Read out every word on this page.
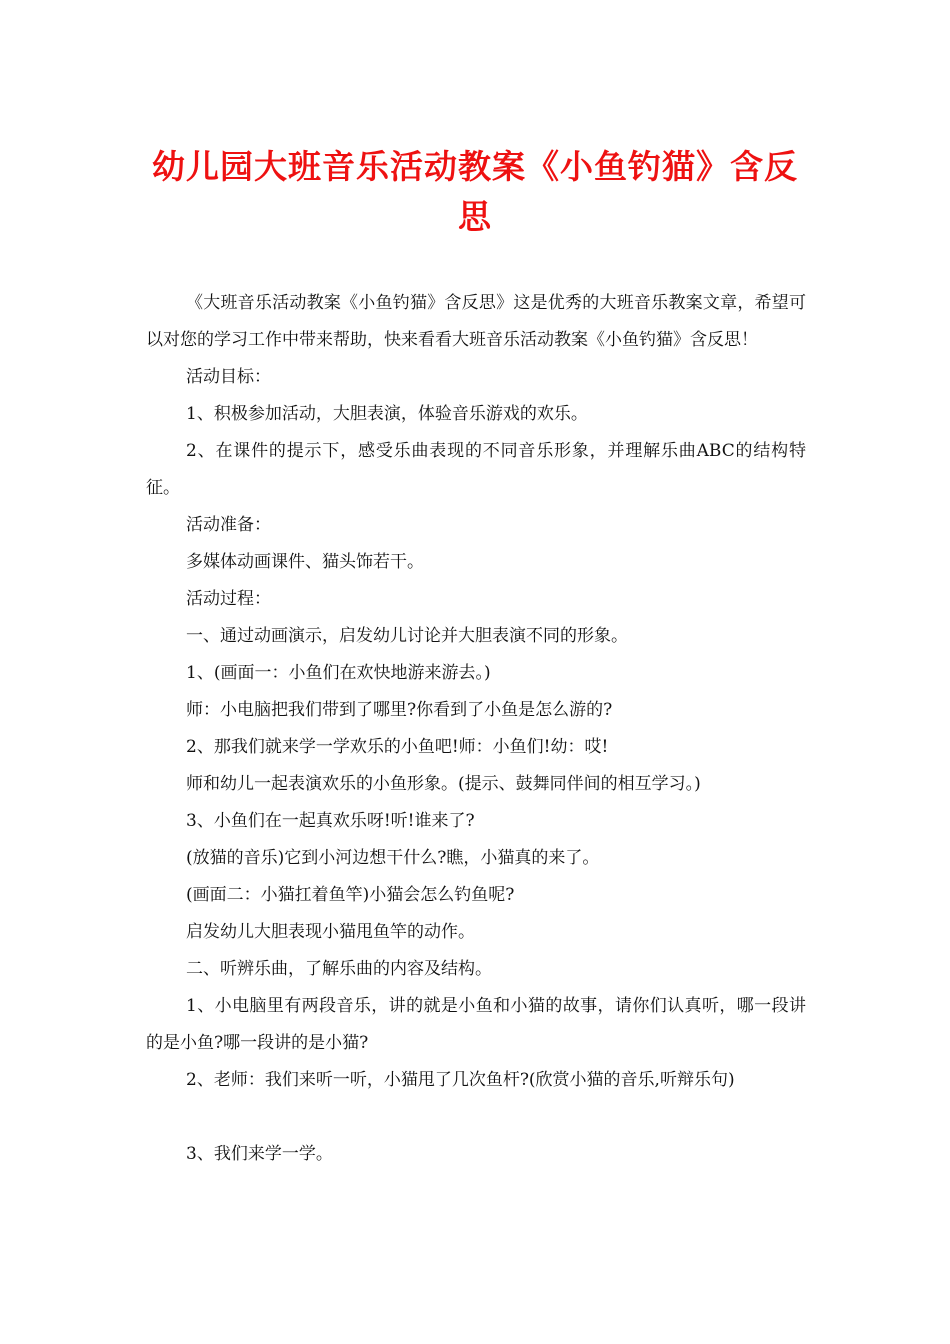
幼儿园大班音乐活动教案《小鱼钓猫》含反思

《大班音乐活动教案《小鱼钓猫》含反思》这是优秀的大班音乐教案文章，希望可以对您的学习工作中带来帮助，快来看看大班音乐活动教案《小鱼钓猫》含反思！

活动目标：

1、积极参加活动，大胆表演，体验音乐游戏的欢乐。

2、在课件的提示下，感受乐曲表现的不同音乐形象，并理解乐曲ABC的结构特征。

活动准备：

多媒体动画课件、猫头饰若干。

活动过程：

一、通过动画演示，启发幼儿讨论并大胆表演不同的形象。

1、(画面一：小鱼们在欢快地游来游去。)

师：小电脑把我们带到了哪里?你看到了小鱼是怎么游的?

2、那我们就来学一学欢乐的小鱼吧!师：小鱼们!幼：哎!

师和幼儿一起表演欢乐的小鱼形象。(提示、鼓舞同伴间的相互学习。)

3、小鱼们在一起真欢乐呀!听!谁来了?

(放猫的音乐)它到小河边想干什么?瞧，小猫真的来了。

(画面二：小猫扛着鱼竿)小猫会怎么钓鱼呢?

启发幼儿大胆表现小猫甩鱼竿的动作。

二、听辨乐曲，了解乐曲的内容及结构。

1、小电脑里有两段音乐，讲的就是小鱼和小猫的故事，请你们认真听，哪一段讲的是小鱼?哪一段讲的是小猫?

2、老师：我们来听一听，小猫甩了几次鱼杆?(欣赏小猫的音乐,听辩乐句)

3、我们来学一学。
